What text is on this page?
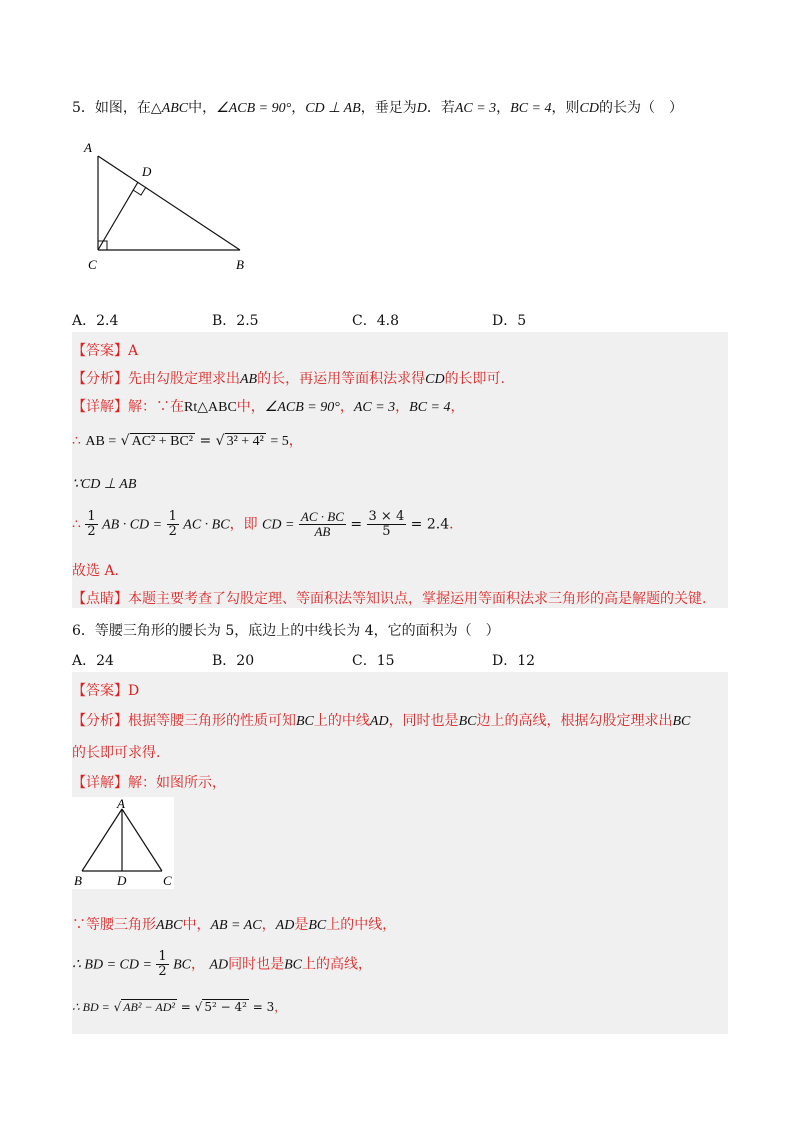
5．如图，在△ABC中，∠ACB = 90°，CD ⊥ AB，垂足为D．若AC = 3，BC = 4，则CD的长为（　）
A
D
C	B
A．2.4	B．2.5	C．4.8	D．5
【答案】A
【分析】先由勾股定理求出AB的长，再运用等面积法求得CD的长即可.
【详解】解：∵在Rt△ABC中，∠ACB = 90°，AC = 3，BC = 4，
∴ AB = √ AC² + BC² = √ 3² + 4² = 5，
∵CD ⊥ AB
∴ $\frac{1}{2}$ AB · CD = $\frac{1}{2}$ AC · BC，即 CD = $\frac{AC \cdot BC}{AB} = \frac{3 \times 4}{5} = 2.4$．
故选 A.
【点睛】本题主要考查了勾股定理、等面积法等知识点，掌握运用等面积法求三角形的高是解题的关键.
6．等腰三角形的腰长为 5，底边上的中线长为 4，它的面积为（　）
A．24	B．20	C．15	D．12
【答案】D
【分析】根据等腰三角形的性质可知BC上的中线AD，同时也是BC边上的高线，根据勾股定理求出BC
的长即可求得.
【详解】解：如图所示，
A
B	D	C
∵等腰三角形ABC中，AB = AC，AD是BC上的中线，
∴ BD = CD = $\frac{1}{2}$ BC， AD同时也是BC上的高线，
∴ BD = √ AB² − AD² = √ 5² − 4² = 3，
